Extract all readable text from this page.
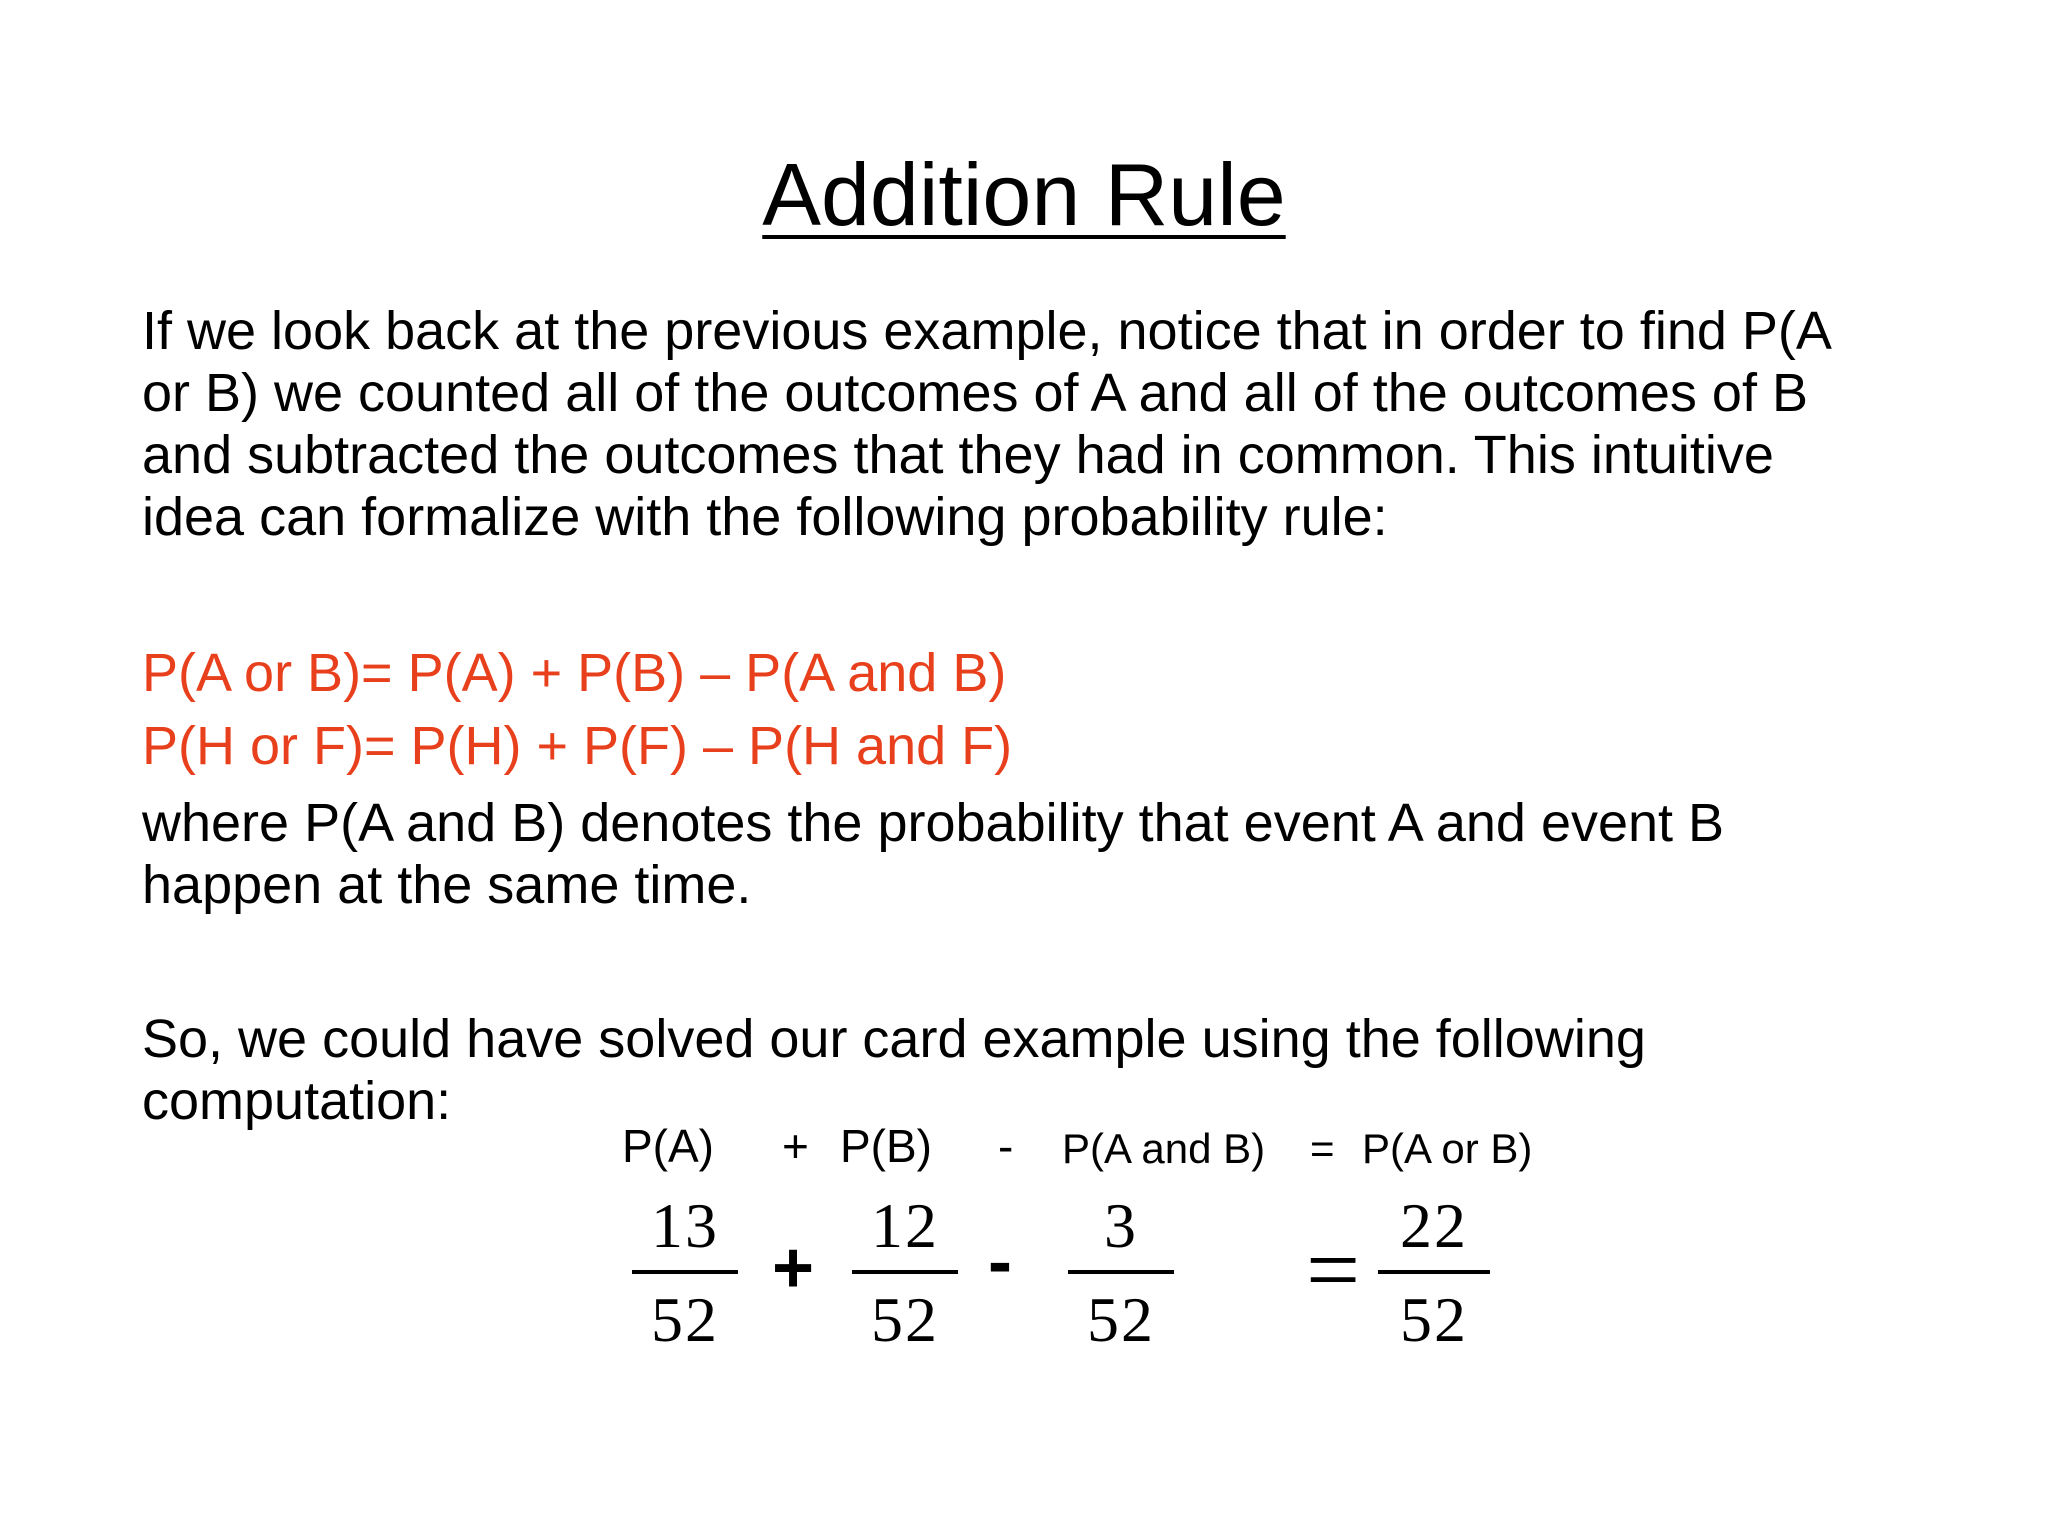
Addition Rule

If we look back at the previous example, notice that in order to find P(A
or B) we counted all of the outcomes of A and all of the outcomes of B
and subtracted the outcomes that they had in common. This intuitive
idea can formalize with the following probability rule:

P(A or B)= P(A) + P(B) – P(A and B)

P(H or F)= P(H) + P(F) – P(H and F)

where P(A and B) denotes the probability that event A and event B
happen at the same time.

So, we could have solved our card example using the following
computation:

P(A) + P(B) - P(A and B) = P(A or B)
13
52
+
12
52
-	3
52 = 22
52
